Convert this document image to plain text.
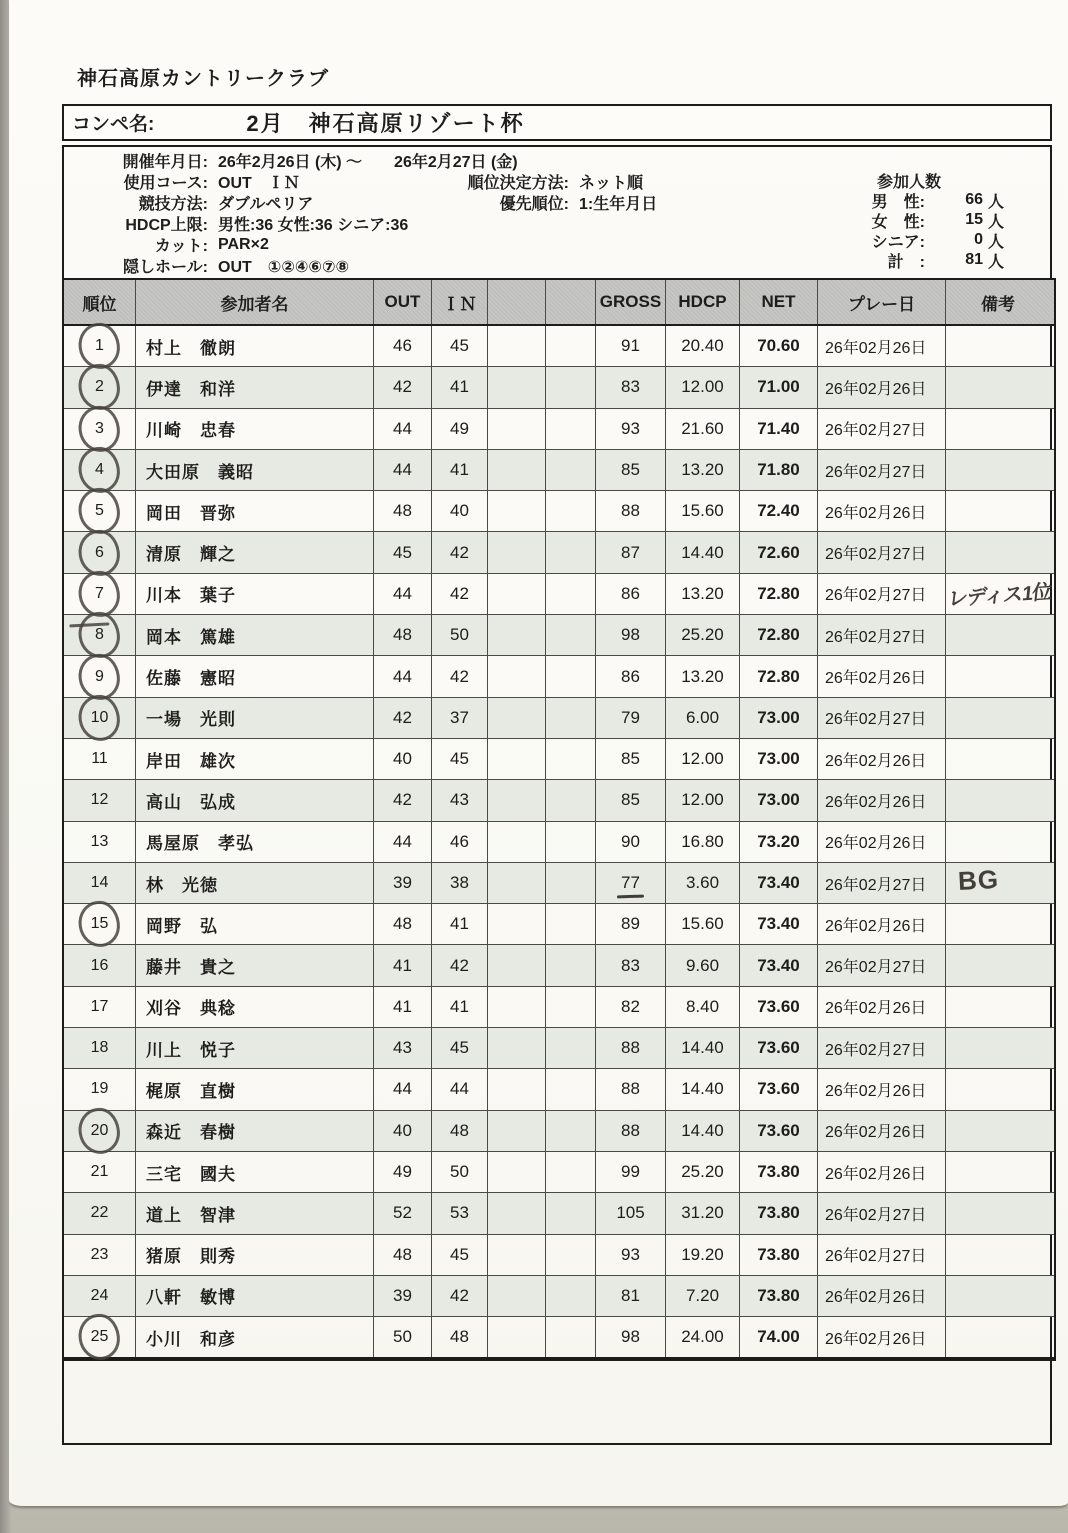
神石高原カントリークラブ
コンペ名:	2月　神石高原リゾート杯
開催年月日: 26年2月26日 (木) ～　　26年2月27日 (金)
使用コース: OUT　ＩＮ
競技方法: ダブルペリア
HDCP上限: 男性:36 女性:36 シニア:36
カット: PAR×2
隠しホール: OUT　①②④⑥⑦⑧
順位決定方法: ネット順
優先順位: 1:生年月日
参加人数
男　性:	66 人
女　性:	15 人
シニア:	0 人
計　:	81 人
順位	参加者名	OUT	ＩＮ	GROSS	HDCP	NET	プレー日	備考
1	村上　徹朗	46	45	91	20.40	70.60	26年02月26日
2	伊達　和洋	42	41	83	12.00	71.00	26年02月26日
3	川崎　忠春	44	49	93	21.60	71.40	26年02月27日
4	大田原　義昭	44	41	85	13.20	71.80	26年02月27日
5	岡田　晋弥	48	40	88	15.60	72.40	26年02月26日
6	清原　輝之	45	42	87	14.40	72.60	26年02月27日
7	川本　葉子	44	42	86	13.20	72.80	26年02月27日	レディス1位
8	岡本　篤雄	48	50	98	25.20	72.80	26年02月27日
9	佐藤　憲昭	44	42	86	13.20	72.80	26年02月26日
10	一場　光則	42	37	79	6.00	73.00	26年02月27日
11	岸田　雄次	40	45	85	12.00	73.00	26年02月26日
12	高山　弘成	42	43	85	12.00	73.00	26年02月26日
13	馬屋原　孝弘	44	46	90	16.80	73.20	26年02月26日
14	林　光徳	39	38	77	3.60	73.40	26年02月27日	BG
15	岡野　弘	48	41	89	15.60	73.40	26年02月26日
16	藤井　貴之	41	42	83	9.60	73.40	26年02月27日
17	刈谷　典稔	41	41	82	8.40	73.60	26年02月26日
18	川上　悦子	43	45	88	14.40	73.60	26年02月27日
19	梶原　直樹	44	44	88	14.40	73.60	26年02月26日
20	森近　春樹	40	48	88	14.40	73.60	26年02月26日
21	三宅　國夫	49	50	99	25.20	73.80	26年02月26日
22	道上　智津	52	53	105	31.20	73.80	26年02月27日
23	猪原　則秀	48	45	93	19.20	73.80	26年02月27日
24	八軒　敏博	39	42	81	7.20	73.80	26年02月26日
25	小川　和彦	50	48	98	24.00	74.00	26年02月26日
